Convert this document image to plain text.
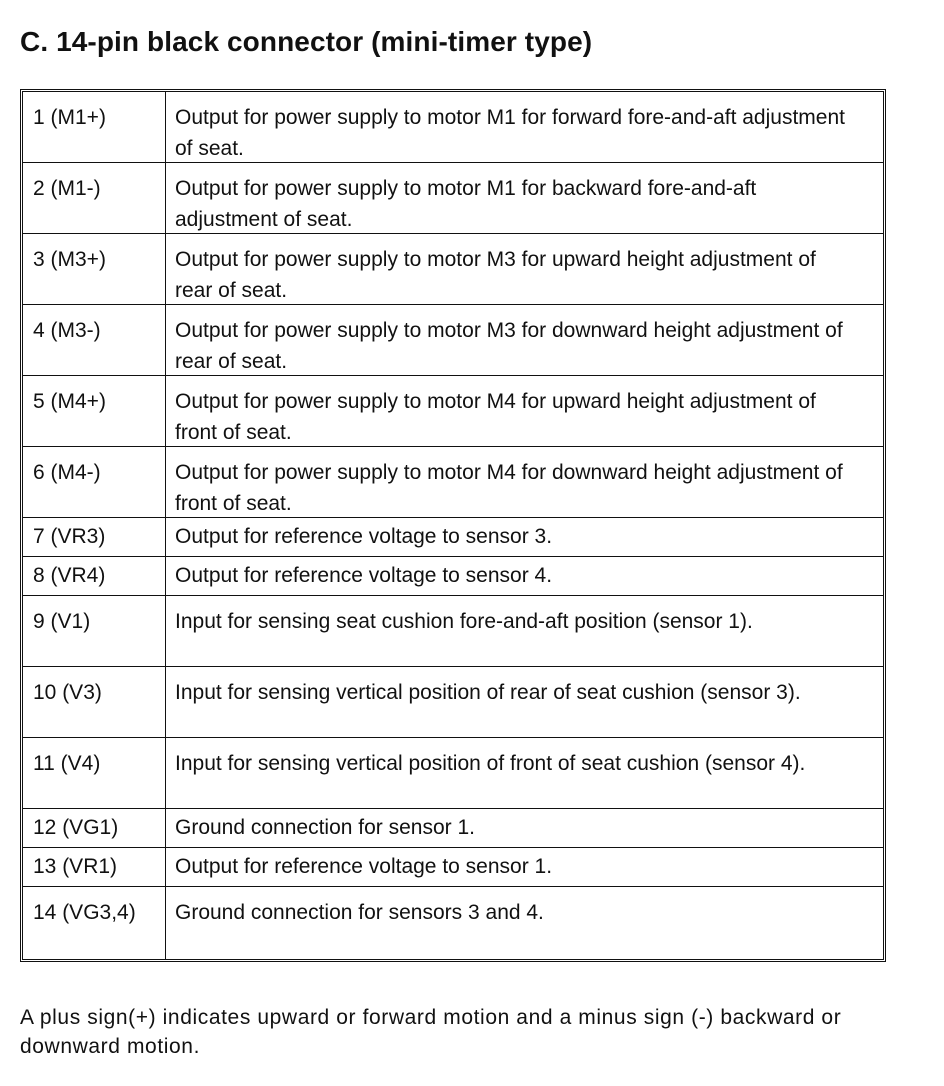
C. 14-pin black connector (mini-timer type)
1 (M1+)	Output for power supply to motor M1 for forward fore-and-aft adjustment of seat.
2 (M1-)	Output for power supply to motor M1 for backward fore-and-aft adjustment of seat.
3 (M3+)	Output for power supply to motor M3 for upward height adjustment of rear of seat.
4 (M3-)	Output for power supply to motor M3 for downward height adjustment of rear of seat.
5 (M4+)	Output for power supply to motor M4 for upward height adjustment of front of seat.
6 (M4-)	Output for power supply to motor M4 for downward height adjustment of front of seat.
7 (VR3)	Output for reference voltage to sensor 3.
8 (VR4)	Output for reference voltage to sensor 4.
9 (V1)	Input for sensing seat cushion fore-and-aft position (sensor 1).
10 (V3)	Input for sensing vertical position of rear of seat cushion (sensor 3).
11 (V4)	Input for sensing vertical position of front of seat cushion (sensor 4).
12 (VG1)	Ground connection for sensor 1.
13 (VR1)	Output for reference voltage to sensor 1.
14 (VG3,4)	Ground connection for sensors 3 and 4.
A plus sign(+) indicates upward or forward motion and a minus sign (-) backward or downward motion.
